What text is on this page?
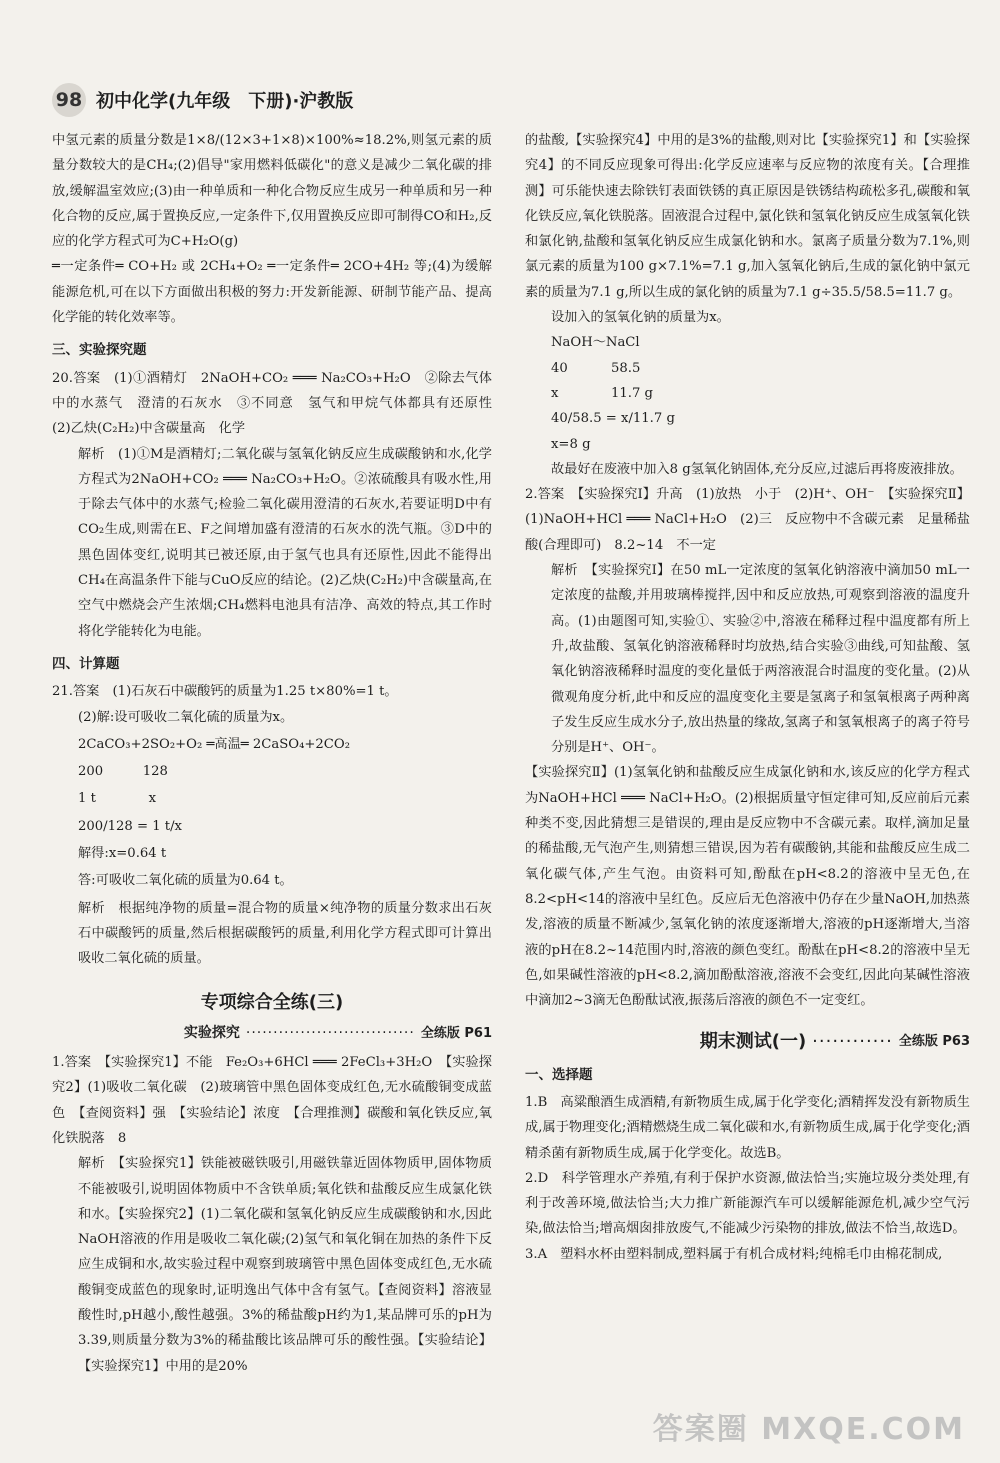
98 初中化学(九年级　下册)·沪教版

中氢元素的质量分数是1×8/(12×3+1×8)×100%≈18.2%,则氢元素的质量分数较大的是CH₄;(2)倡导"家用燃料低碳化"的意义是减少二氧化碳的排放,缓解温室效应;(3)由一种单质和一种化合物反应生成另一种单质和另一种化合物的反应,属于置换反应,一定条件下,仅用置换反应即可制得CO和H₂,反应的化学方程式可为C+H₂O(g)

═一定条件═ CO+H₂ 或 2CH₄+O₂ ═一定条件═ 2CO+4H₂ 等;(4)为缓解能源危机,可在以下方面做出积极的努力:开发新能源、研制节能产品、提高化学能的转化效率等。

三、实验探究题

20.答案　(1)①酒精灯　2NaOH+CO₂ ═══ Na₂CO₃+H₂O　②除去气体中的水蒸气　澄清的石灰水　③不同意　氢气和甲烷气体都具有还原性　(2)乙炔(C₂H₂)中含碳量高　化学

解析　(1)①M是酒精灯;二氧化碳与氢氧化钠反应生成碳酸钠和水,化学方程式为2NaOH+CO₂ ═══ Na₂CO₃+H₂O。②浓硫酸具有吸水性,用于除去气体中的水蒸气;检验二氧化碳用澄清的石灰水,若要证明D中有CO₂生成,则需在E、F之间增加盛有澄清的石灰水的洗气瓶。③D中的黑色固体变红,说明其已被还原,由于氢气也具有还原性,因此不能得出CH₄在高温条件下能与CuO反应的结论。(2)乙炔(C₂H₂)中含碳量高,在空气中燃烧会产生浓烟;CH₄燃料电池具有洁净、高效的特点,其工作时将化学能转化为电能。

四、计算题

21.答案　(1)石灰石中碳酸钙的质量为1.25 t×80%=1 t。

(2)解:设可吸收二氧化硫的质量为x。

2CaCO₃+2SO₂+O₂ ═高温═ 2CaSO₄+2CO₂

200　　　128

1 t　　　　x

200/128 = 1 t/x

解得:x=0.64 t

答:可吸收二氧化硫的质量为0.64 t。

解析　根据纯净物的质量=混合物的质量×纯净物的质量分数求出石灰石中碳酸钙的质量,然后根据碳酸钙的质量,利用化学方程式即可计算出吸收二氧化硫的质量。

专项综合全练(三)

实验探究 ······························· 全练版 P61

1.答案　【实验探究1】不能　Fe₂O₃+6HCl ═══ 2FeCl₃+3H₂O　【实验探究2】(1)吸收二氧化碳　(2)玻璃管中黑色固体变成红色,无水硫酸铜变成蓝色　【查阅资料】强　【实验结论】浓度　【合理推测】碳酸和氧化铁反应,氧化铁脱落　8

解析　【实验探究1】铁能被磁铁吸引,用磁铁靠近固体物质甲,固体物质不能被吸引,说明固体物质中不含铁单质;氧化铁和盐酸反应生成氯化铁和水。【实验探究2】(1)二氧化碳和氢氧化钠反应生成碳酸钠和水,因此NaOH溶液的作用是吸收二氧化碳;(2)氢气和氧化铜在加热的条件下反应生成铜和水,故实验过程中观察到玻璃管中黑色固体变成红色,无水硫酸铜变成蓝色的现象时,证明逸出气体中含有氢气。【查阅资料】溶液显酸性时,pH越小,酸性越强。3%的稀盐酸pH约为1,某品牌可乐的pH为3.39,则质量分数为3%的稀盐酸比该品牌可乐的酸性强。【实验结论】【实验探究1】中用的是20%

的盐酸,【实验探究4】中用的是3%的盐酸,则对比【实验探究1】和【实验探究4】的不同反应现象可得出:化学反应速率与反应物的浓度有关。【合理推测】可乐能快速去除铁钉表面铁锈的真正原因是铁锈结构疏松多孔,碳酸和氧化铁反应,氧化铁脱落。固液混合过程中,氯化铁和氢氧化钠反应生成氢氧化铁和氯化钠,盐酸和氢氧化钠反应生成氯化钠和水。氯离子质量分数为7.1%,则氯元素的质量为100 g×7.1%=7.1 g,加入氢氧化钠后,生成的氯化钠中氯元素的质量为7.1 g,所以生成的氯化钠的质量为7.1 g÷35.5/58.5=11.7 g。

设加入的氢氧化钠的质量为x。

NaOH～NaCl
40	58.5
x	11.7 g
40/58.5 = x/11.7 g
x=8 g

故最好在废液中加入8 g氢氧化钠固体,充分反应,过滤后再将废液排放。

2.答案　【实验探究Ⅰ】升高　(1)放热　小于　(2)H⁺、OH⁻　【实验探究Ⅱ】(1)NaOH+HCl ═══ NaCl+H₂O　(2)三　反应物中不含碳元素　足量稀盐酸(合理即可)　8.2~14　不一定

解析　【实验探究Ⅰ】在50 mL一定浓度的氢氧化钠溶液中滴加50 mL一定浓度的盐酸,并用玻璃棒搅拌,因中和反应放热,可观察到溶液的温度升高。(1)由题图可知,实验①、实验②中,溶液在稀释过程中温度都有所上升,故盐酸、氢氧化钠溶液稀释时均放热,结合实验③曲线,可知盐酸、氢氧化钠溶液稀释时温度的变化量低于两溶液混合时温度的变化量。(2)从微观角度分析,此中和反应的温度变化主要是氢离子和氢氧根离子两种离子发生反应生成水分子,放出热量的缘故,氢离子和氢氧根离子的离子符号分别是H⁺、OH⁻。

【实验探究Ⅱ】(1)氢氧化钠和盐酸反应生成氯化钠和水,该反应的化学方程式为NaOH+HCl ═══ NaCl+H₂O。(2)根据质量守恒定律可知,反应前后元素种类不变,因此猜想三是错误的,理由是反应物中不含碳元素。取样,滴加足量的稀盐酸,无气泡产生,则猜想三错误,因为若有碳酸钠,其能和盐酸反应生成二氧化碳气体,产生气泡。由资料可知,酚酞在pH<8.2的溶液中呈无色,在8.2<pH<14的溶液中呈红色。反应后无色溶液中仍存在少量NaOH,加热蒸发,溶液的质量不断减少,氢氧化钠的浓度逐渐增大,溶液的pH逐渐增大,当溶液的pH在8.2~14范围内时,溶液的颜色变红。酚酞在pH<8.2的溶液中呈无色,如果碱性溶液的pH<8.2,滴加酚酞溶液,溶液不会变红,因此向某碱性溶液中滴加2~3滴无色酚酞试液,振荡后溶液的颜色不一定变红。

期末测试(一) ············ 全练版 P63

一、选择题

1.B　高粱酿酒生成酒精,有新物质生成,属于化学变化;酒精挥发没有新物质生成,属于物理变化;酒精燃烧生成二氧化碳和水,有新物质生成,属于化学变化;酒精杀菌有新物质生成,属于化学变化。故选B。

2.D　科学管理水产养殖,有利于保护水资源,做法恰当;实施垃圾分类处理,有利于改善环境,做法恰当;大力推广新能源汽车可以缓解能源危机,减少空气污染,做法恰当;增高烟囱排放废气,不能减少污染物的排放,做法不恰当,故选D。

3.A　塑料水杯由塑料制成,塑料属于有机合成材料;纯棉毛巾由棉花制成,

答案圈 MXQE.COM
